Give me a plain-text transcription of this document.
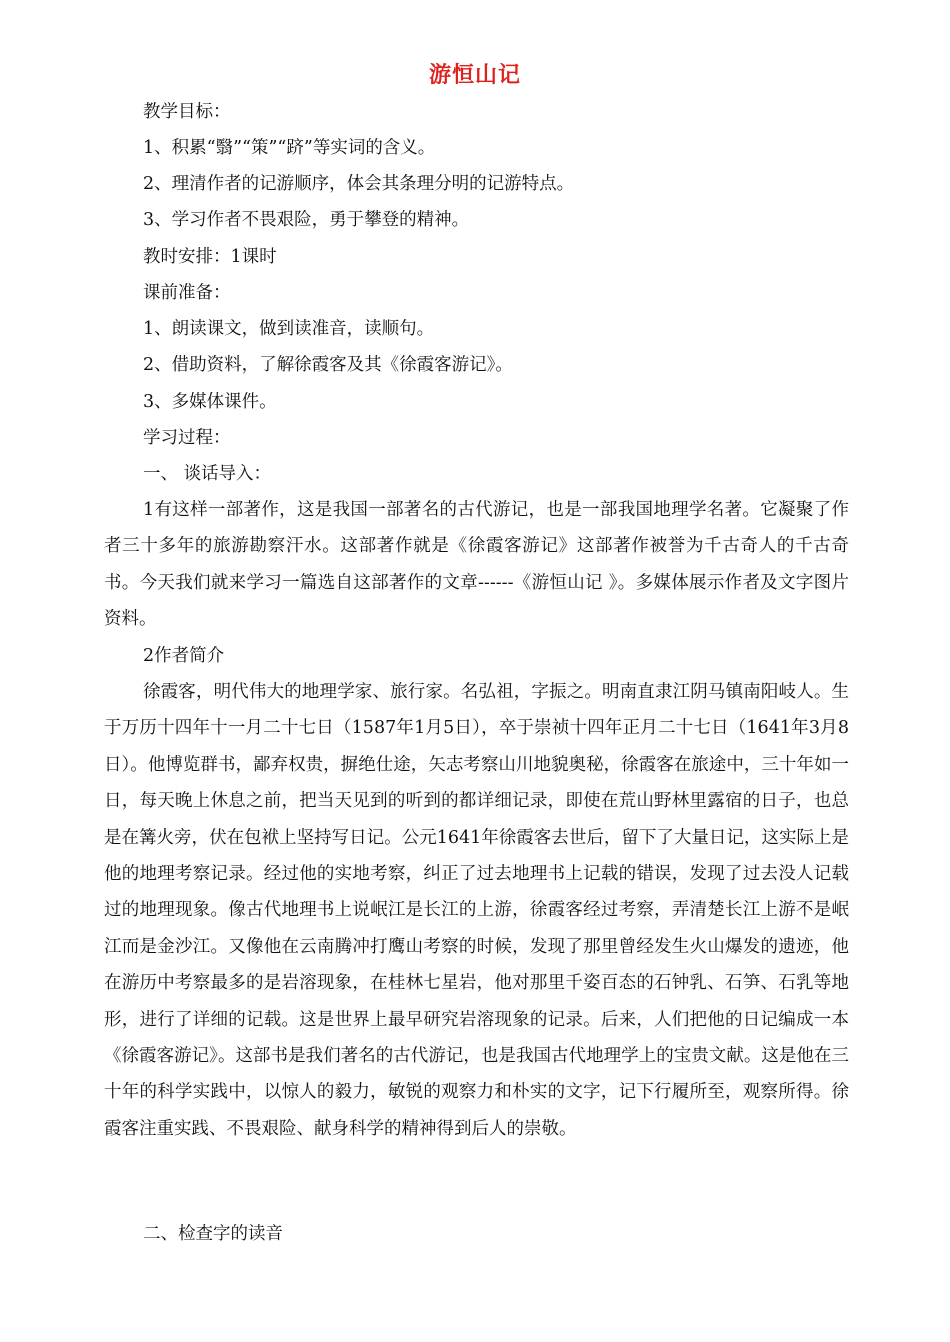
游恒山记
教学目标：
1、积累“翳”“策”“跻”等实词的含义。
2、理清作者的记游顺序，体会其条理分明的记游特点。
3、学习作者不畏艰险，勇于攀登的精神。
教时安排：1课时
课前准备：
1、朗读课文，做到读准音，读顺句。
2、借助资料，了解徐霞客及其《徐霞客游记》。
3、多媒体课件。
学习过程：
一、 谈话导入：
1有这样一部著作，这是我国一部著名的古代游记，也是一部我国地理学名著。它凝聚了作者三十多年的旅游勘察汗水。这部著作就是《徐霞客游记》这部著作被誉为千古奇人的千古奇书。今天我们就来学习一篇选自这部著作的文章------《游恒山记 》。多媒体展示作者及文字图片资料。
2作者简介
徐霞客，明代伟大的地理学家、旅行家。名弘祖，字振之。明南直隶江阴马镇南阳岐人。生于万历十四年十一月二十七日（1587年1月5日），卒于崇祯十四年正月二十七日（1641年3月8日）。他博览群书，鄙弃权贵，摒绝仕途，矢志考察山川地貌奥秘，徐霞客在旅途中，三十年如一日，每天晚上休息之前，把当天见到的听到的都详细记录，即使在荒山野林里露宿的日子，也总是在篝火旁，伏在包袱上坚持写日记。公元1641年徐霞客去世后，留下了大量日记，这实际上是他的地理考察记录。经过他的实地考察，纠正了过去地理书上记载的错误，发现了过去没人记载过的地理现象。像古代地理书上说岷江是长江的上游，徐霞客经过考察，弄清楚长江上游不是岷江而是金沙江。又像他在云南腾冲打鹰山考察的时候，发现了那里曾经发生火山爆发的遗迹，他在游历中考察最多的是岩溶现象，在桂林七星岩，他对那里千姿百态的石钟乳、石笋、石乳等地形，进行了详细的记载。这是世界上最早研究岩溶现象的记录。后来，人们把他的日记编成一本《徐霞客游记》。这部书是我们著名的古代游记，也是我国古代地理学上的宝贵文献。这是他在三十年的科学实践中，以惊人的毅力，敏锐的观察力和朴实的文字，记下行履所至，观察所得。徐霞客注重实践、不畏艰险、献身科学的精神得到后人的崇敬。
二、检查字的读音
